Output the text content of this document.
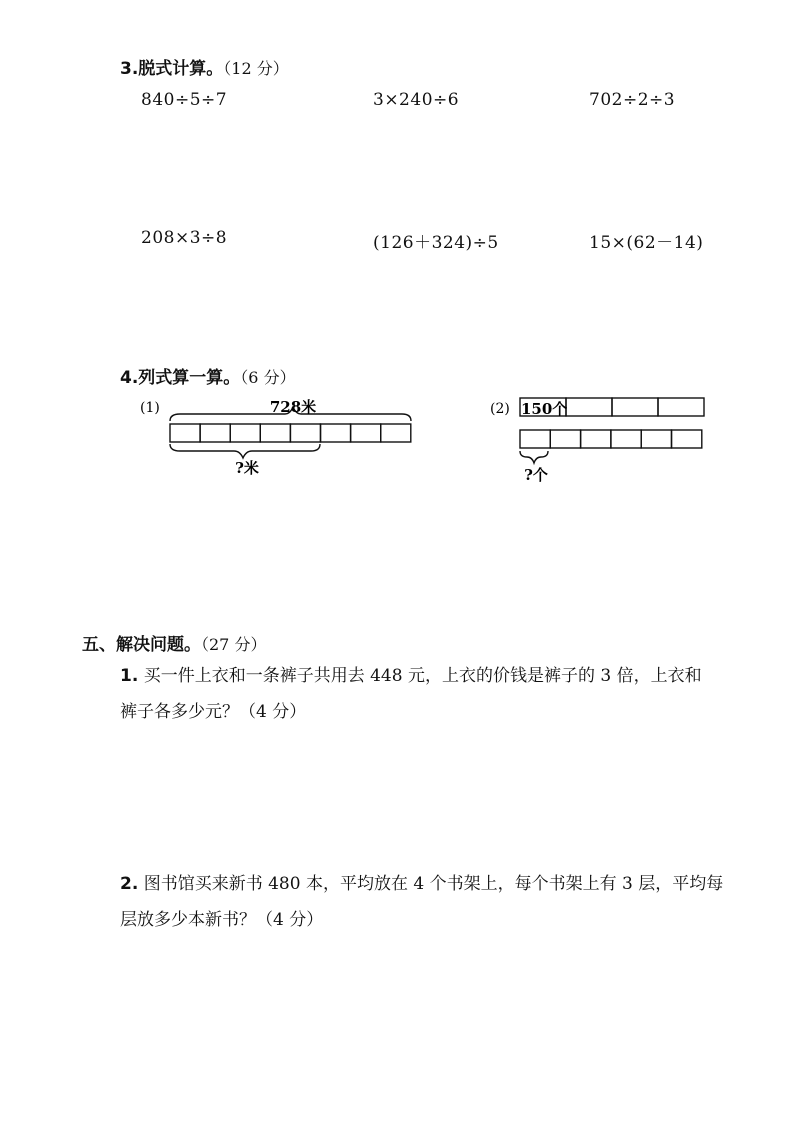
3.脱式计算。（12 分）
840÷5÷7	3×240÷6	702÷2÷3
208×3÷8	(126＋324)÷5	15×(62－14)
4.列式算一算。（6 分）
(1)	728米
?米
(2) 150个
?个
五、解决问题。（27 分）
1. 买一件上衣和一条裤子共用去 448 元，上衣的价钱是裤子的 3 倍，上衣和
裤子各多少元？（4 分）
2. 图书馆买来新书 480 本，平均放在 4 个书架上，每个书架上有 3 层，平均每
层放多少本新书？（4 分）
